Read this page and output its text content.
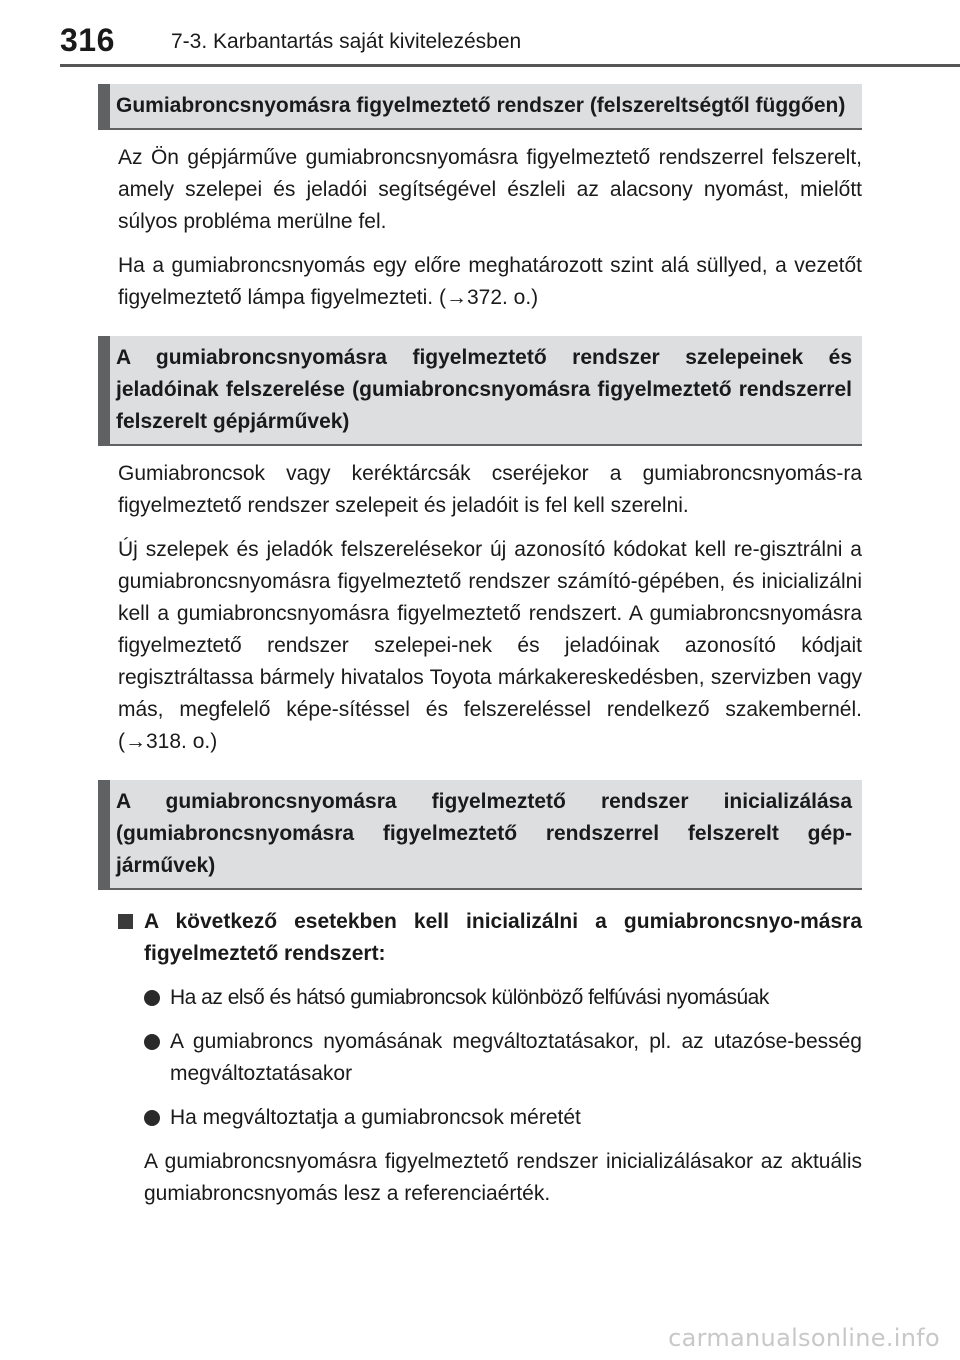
316	7-3. Karbantartás saját kivitelezésben
Gumiabroncsnyomásra figyelmeztető rendszer (felszereltségtől függően)

Az Ön gépjárműve gumiabroncsnyomásra figyelmeztető rendszerrel felszerelt, amely szelepei és jeladói segítségével észleli az alacsony nyomást, mielőtt súlyos probléma merülne fel.

Ha a gumiabroncsnyomás egy előre meghatározott szint alá süllyed, a vezetőt figyelmeztető lámpa figyelmezteti. (→372. o.)

A gumiabroncsnyomásra figyelmeztető rendszer szelepeinek és jeladóinak felszerelése (gumiabroncsnyomásra figyelmeztető rendszerrel felszerelt gépjárművek)

Gumiabroncsok vagy keréktárcsák cseréjekor a gumiabroncsnyomás-ra figyelmeztető rendszer szelepeit és jeladóit is fel kell szerelni.

Új szelepek és jeladók felszerelésekor új azonosító kódokat kell re-gisztrálni a gumiabroncsnyomásra figyelmeztető rendszer számító-gépében, és inicializálni kell a gumiabroncsnyomásra figyelmeztető rendszert. A gumiabroncsnyomásra figyelmeztető rendszer szelepei-nek és jeladóinak azonosító kódjait regisztráltassa bármely hivatalos Toyota márkakereskedésben, szervizben vagy más, megfelelő képe-sítéssel és felszereléssel rendelkező szakembernél. (→318. o.)

A gumiabroncsnyomásra figyelmeztető rendszer inicializálása (gumiabroncsnyomásra figyelmeztető rendszerrel felszerelt gép-járművek)
A következő esetekben kell inicializálni a gumiabroncsnyo-másra figyelmeztető rendszert:
Ha az első és hátsó gumiabroncsok különböző felfúvási nyomásúak
A gumiabroncs nyomásának megváltoztatásakor, pl. az utazóse-besség megváltoztatásakor
Ha megváltoztatja a gumiabroncsok méretét
A gumiabroncsnyomásra figyelmeztető rendszer inicializálásakor az aktuális gumiabroncsnyomás lesz a referenciaérték.
carmanualsonline.info
